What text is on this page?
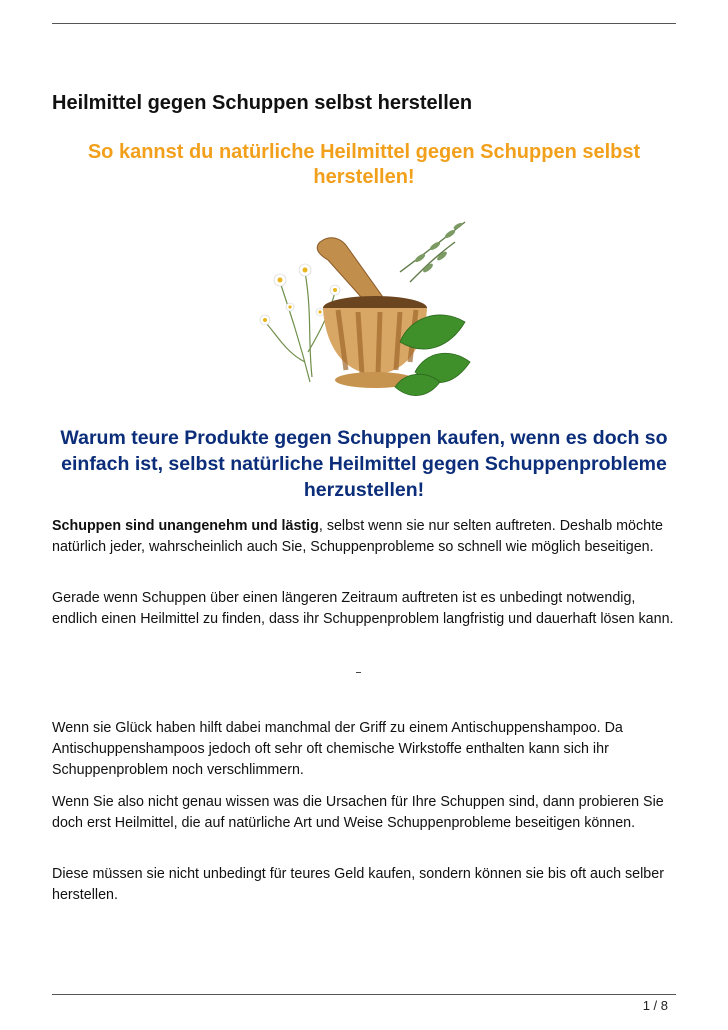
Heilmittel gegen Schuppen selbst herstellen
So kannst du natürliche Heilmittel gegen Schuppen selbst herstellen!
Warum teure Produkte gegen Schuppen kaufen, wenn es doch so einfach ist, selbst natürliche Heilmittel gegen Schuppenprobleme herzustellen!

Schuppen sind unangenehm und lästig, selbst wenn sie nur selten auftreten. Deshalb möchte natürlich jeder, wahrscheinlich auch Sie, Schuppenprobleme so schnell wie möglich beseitigen.

Gerade wenn Schuppen über einen längeren Zeitraum auftreten ist es unbedingt notwendig, endlich einen Heilmittel zu finden, dass ihr Schuppenproblem langfristig und dauerhaft lösen kann.

Wenn sie Glück haben hilft dabei manchmal der Griff zu einem Antischuppenshampoo. Da Antischuppenshampoos jedoch oft sehr oft chemische Wirkstoffe enthalten kann sich ihr Schuppenproblem noch verschlimmern.

Wenn Sie also nicht genau wissen was die Ursachen für Ihre Schuppen sind, dann probieren Sie doch erst Heilmittel, die auf natürliche Art und Weise Schuppenprobleme beseitigen können.

Diese müssen sie nicht unbedingt für teures Geld kaufen, sondern können sie bis oft auch selber herstellen.

1 / 8
